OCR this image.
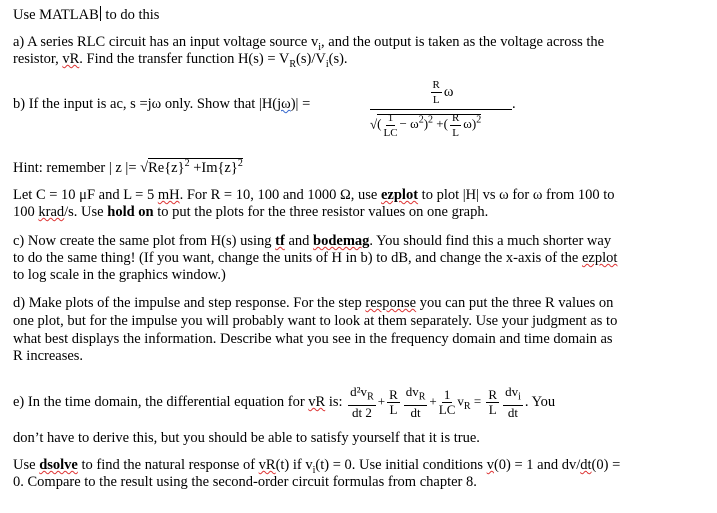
Use MATLAB to do this
a) A series RLC circuit has an input voltage source $v_i$, and the output is taken as the voltage across the
resistor, vR. Find the transfer function $H(s) = V_R(s)/V_i(s)$.
b) If the input is ac, s =jω only. Show that |H(jω)| =	$\frac{R}{L}$ ω
√( $\frac{1}{LC} - \omega^2)^2$ +( $\frac{R}{L} \omega)^2$
.
Hint: remember | z |= $√Re\{z\}^2 +Im\{z\}^2$
Let C = 10 μF and L = 5 mH. For R = 10, 100 and 1000 Ω, use ezplot to plot |H| vs ω for ω from 100 to
100 krad/s. Use hold on to put the plots for the three resistor values on one graph.
c) Now create the same plot from H(s) using tf and bodemag. You should find this a much shorter way
to do the same thing! (If you want, change the units of H in b) to dB, and change the x-axis of the ezplot
to log scale in the graphics window.)
d) Make plots of the impulse and step response. For the step response you can put the three R values on
one plot, but for the impulse you will probably want to look at them separately. Use your judgment as to
what best displays the information. Describe what you see in the frequency domain and time domain as
R increases.
e) In the time domain, the differential equation for vR is: $\frac{d^2v_R}{dt 2} + \frac{R}{L} \frac{dv_R}{dt} + \frac{1}{LC} v_R = \frac{R}{L} \frac{dv_i}{dt}$ . You
don’t have to derive this, but you should be able to satisfy yourself that it is true.
Use dsolve to find the natural response of vR(t) if $v_i(t) = 0$. Use initial conditions v(0) = 1 and dv/dt(0) =
0. Compare to the result using the second-order circuit formulas from chapter 8.
